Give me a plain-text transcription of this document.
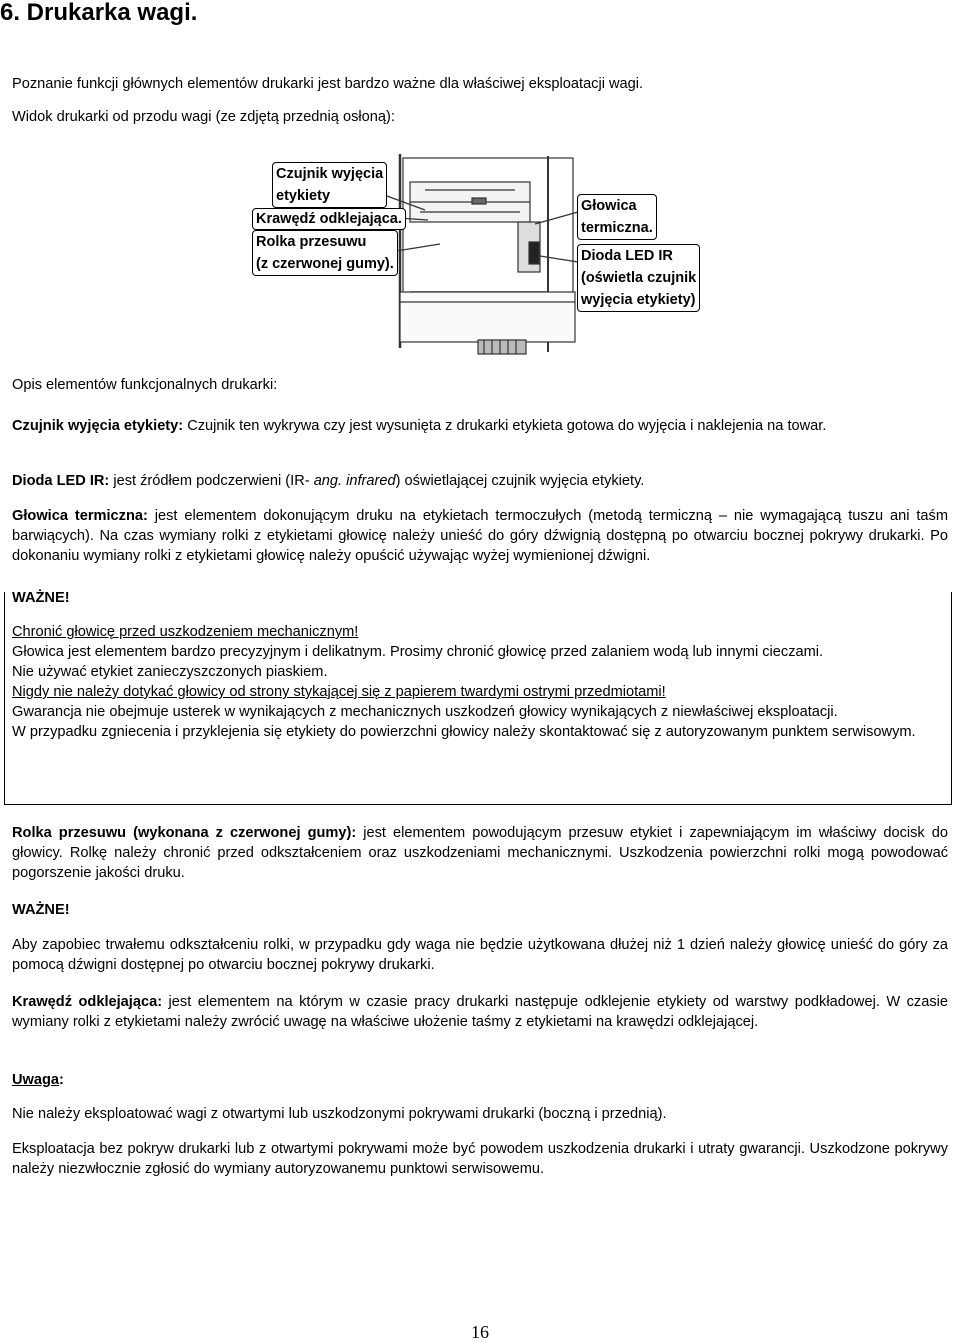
6. Drukarka wagi.

Poznanie funkcji głównych elementów drukarki jest bardzo ważne dla właściwej eksploatacji wagi.

Widok drukarki od przodu wagi (ze zdjętą przednią osłoną):

Czujnik wyjęcia
etykiety
Krawędź odklejająca.
Rolka przesuwu
(z czerwonej gumy).
Głowica
termiczna.
Dioda LED IR
(oświetla czujnik
wyjęcia etykiety)

Opis elementów funkcjonalnych drukarki:

Czujnik wyjęcia etykiety: Czujnik ten wykrywa czy jest wysunięta z drukarki etykieta gotowa do wyjęcia i naklejenia na towar.
Dioda LED IR: jest źródłem podczerwieni (IR- ang. infrared) oświetlającej czujnik wyjęcia etykiety.
Głowica termiczna: jest elementem dokonującym druku na etykietach termoczułych (metodą termiczną – nie wymagającą tuszu ani taśm barwiących). Na czas wymiany rolki z etykietami głowicę należy unieść do góry dźwignią dostępną po otwarciu bocznej pokrywy drukarki. Po dokonaniu wymiany rolki z etykietami głowicę należy opuścić używając wyżej wymienionej dźwigni.
WAŻNE!
Chronić głowicę przed uszkodzeniem mechanicznym!
Głowica jest elementem bardzo precyzyjnym i delikatnym. Prosimy chronić głowicę przed zalaniem wodą lub innymi cieczami.
Nie używać etykiet zanieczyszczonych piaskiem.
Nigdy nie należy dotykać głowicy od strony stykającej się z papierem twardymi ostrymi przedmiotami!
Gwarancja nie obejmuje usterek w wynikających z mechanicznych uszkodzeń głowicy wynikających z niewłaściwej eksploatacji.
W przypadku zgniecenia i przyklejenia się etykiety do powierzchni głowicy należy skontaktować się z autoryzowanym punktem serwisowym.
Rolka przesuwu (wykonana z czerwonej gumy): jest elementem powodującym przesuw etykiet i zapewniającym im właściwy docisk do głowicy. Rolkę należy chronić przed odkształceniem oraz uszkodzeniami mechanicznymi. Uszkodzenia powierzchni rolki mogą powodować pogorszenie jakości druku.
WAŻNE!
Aby zapobiec trwałemu odkształceniu rolki, w przypadku gdy waga nie będzie użytkowana dłużej niż 1 dzień należy głowicę unieść do góry za pomocą dźwigni dostępnej po otwarciu bocznej pokrywy drukarki.
Krawędź odklejająca: jest elementem na którym w czasie pracy drukarki następuje odklejenie etykiety od warstwy podkładowej. W czasie wymiany rolki z etykietami należy zwrócić uwagę na właściwe ułożenie taśmy z etykietami na krawędzi odklejającej.
Uwaga:
Nie należy eksploatować wagi z otwartymi lub uszkodzonymi pokrywami drukarki (boczną i przednią).
Eksploatacja bez pokryw drukarki lub z otwartymi pokrywami może być powodem uszkodzenia drukarki i utraty gwarancji. Uszkodzone pokrywy należy niezwłocznie zgłosić do wymiany autoryzowanemu punktowi serwisowemu.
16
